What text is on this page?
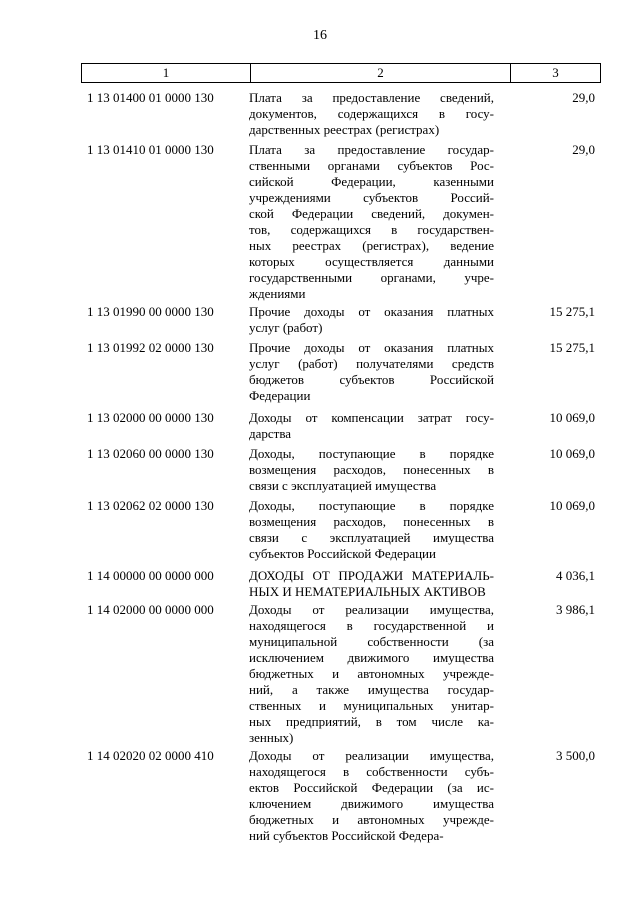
16
1	2	3
1 13 01400 01 0000 130	Плата за предоставление сведений,
документов, содержащихся в госу-
дарственных реестрах (регистрах)
29,0
1 13 01410 01 0000 130	Плата за предоставление государ-
ственными органами субъектов Рос-
сийской Федерации, казенными
учреждениями субъектов Россий-
ской Федерации сведений, докумен-
тов, содержащихся в государствен-
ных реестрах (регистрах), ведение
которых осуществляется данными
государственными органами, учре-
ждениями
29,0
1 13 01990 00 0000 130	Прочие доходы от оказания платных
услуг (работ)
15 275,1
1 13 01992 02 0000 130	Прочие доходы от оказания платных
услуг (работ) получателями средств
бюджетов субъектов Российской
Федерации
15 275,1
1 13 02000 00 0000 130	Доходы от компенсации затрат госу-
дарства
10 069,0
1 13 02060 00 0000 130	Доходы, поступающие в порядке
возмещения расходов, понесенных в
связи с эксплуатацией имущества
10 069,0
1 13 02062 02 0000 130	Доходы, поступающие в порядке
возмещения расходов, понесенных в
связи с эксплуатацией имущества
субъектов Российской Федерации
10 069,0
1 14 00000 00 0000 000	ДОХОДЫ ОТ ПРОДАЖИ МАТЕРИАЛЬ-
НЫХ И НЕМАТЕРИАЛЬНЫХ АКТИВОВ
4 036,1
1 14 02000 00 0000 000	Доходы от реализации имущества,
находящегося в государственной и
муниципальной собственности (за
исключением движимого имущества
бюджетных и автономных учрежде-
ний, а также имущества государ-
ственных и муниципальных унитар-
ных предприятий, в том числе ка-
зенных)
3 986,1
1 14 02020 02 0000 410	Доходы от реализации имущества,
находящегося в собственности субъ-
ектов Российской Федерации (за ис-
ключением движимого имущества
бюджетных и автономных учрежде-
ний субъектов Российской Федера-
3 500,0
